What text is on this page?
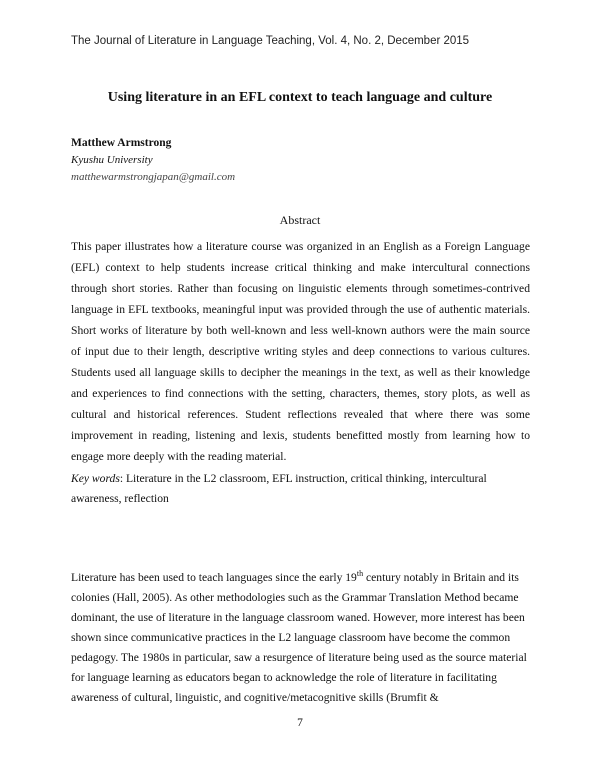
The Journal of Literature in Language Teaching, Vol. 4, No. 2, December 2015
Using literature in an EFL context to teach language and culture
Matthew Armstrong
Kyushu University
matthewarmstrongjapan@gmail.com
Abstract

This paper illustrates how a literature course was organized in an English as a Foreign Language (EFL) context to help students increase critical thinking and make intercultural connections through short stories. Rather than focusing on linguistic elements through sometimes-contrived language in EFL textbooks, meaningful input was provided through the use of authentic materials. Short works of literature by both well-known and less well-known authors were the main source of input due to their length, descriptive writing styles and deep connections to various cultures. Students used all language skills to decipher the meanings in the text, as well as their knowledge and experiences to find connections with the setting, characters, themes, story plots, as well as cultural and historical references. Student reflections revealed that where there was some improvement in reading, listening and lexis, students benefitted mostly from learning how to engage more deeply with the reading material.

Key words: Literature in the L2 classroom, EFL instruction, critical thinking, intercultural awareness, reflection

Literature has been used to teach languages since the early 19th century notably in Britain and its colonies (Hall, 2005). As other methodologies such as the Grammar Translation Method became dominant, the use of literature in the language classroom waned. However, more interest has been shown since communicative practices in the L2 language classroom have become the common pedagogy. The 1980s in particular, saw a resurgence of literature being used as the source material for language learning as educators began to acknowledge the role of literature in facilitating awareness of cultural, linguistic, and cognitive/metacognitive skills (Brumfit &

7
